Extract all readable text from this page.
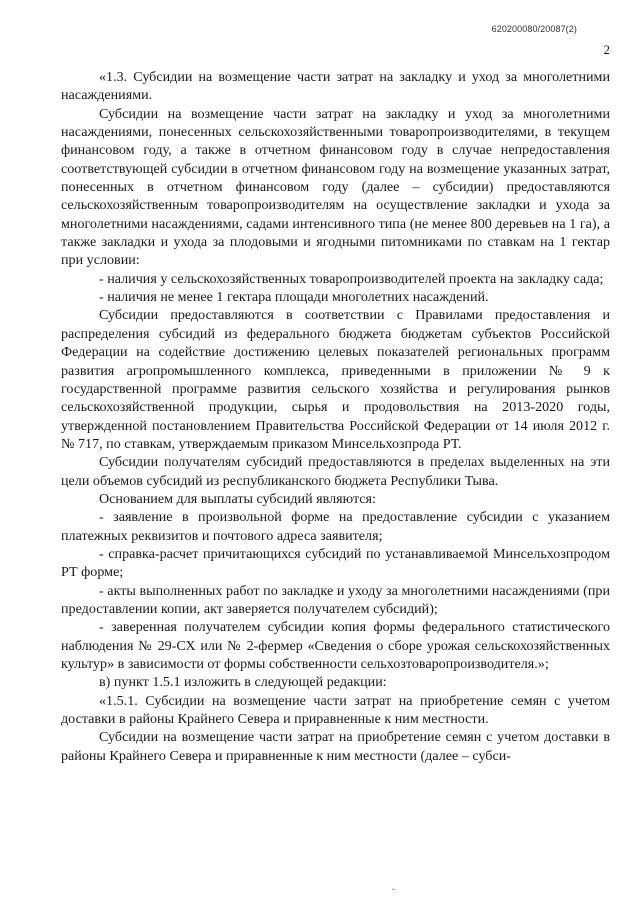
620200080/20087(2)
2

«1.3. Субсидии на возмещение части затрат на закладку и уход за многолетними насаждениями.

Субсидии на возмещение части затрат на закладку и уход за многолетними насаждениями, понесенных сельскохозяйственными товаропроизводителями, в текущем финансовом году, а также в отчетном финансовом году в случае непредоставления соответствующей субсидии в отчетном финансовом году на возмещение указанных затрат, понесенных в отчетном финансовом году (далее – субсидии) предоставляются сельскохозяйственным товаропроизводителям на осуществление закладки и ухода за многолетними насаждениями, садами интенсивного типа (не менее 800 деревьев на 1 га), а также закладки и ухода за плодовыми и ягодными питомниками по ставкам на 1 гектар при условии:

- наличия у сельскохозяйственных товаропроизводителей проекта на закладку сада;

- наличия не менее 1 гектара площади многолетних насаждений.

Субсидии предоставляются в соответствии с Правилами предоставления и распределения субсидий из федерального бюджета бюджетам субъектов Российской Федерации на содействие достижению целевых показателей региональных программ развития агропромышленного комплекса, приведенными в приложении № 9 к государственной программе развития сельского хозяйства и регулирования рынков сельскохозяйственной продукции, сырья и продовольствия на 2013-2020 годы, утвержденной постановлением Правительства Российской Федерации от 14 июля 2012 г. № 717, по ставкам, утверждаемым приказом Минсельхозпрода РТ.

Субсидии получателям субсидий предоставляются в пределах выделенных на эти цели объемов субсидий из республиканского бюджета Республики Тыва.

Основанием для выплаты субсидий являются:

- заявление в произвольной форме на предоставление субсидии с указанием платежных реквизитов и почтового адреса заявителя;

- справка-расчет причитающихся субсидий по устанавливаемой Минсельхозпродом РТ форме;

- акты выполненных работ по закладке и уходу за многолетними насаждениями (при предоставлении копии, акт заверяется получателем субсидий);

- заверенная получателем субсидии копия формы федерального статистического наблюдения № 29-СХ или № 2-фермер «Сведения о сборе урожая сельскохозяйственных культур» в зависимости от формы собственности сельхозтоваропроизводителя.»;

в) пункт 1.5.1 изложить в следующей редакции:

«1.5.1. Субсидии на возмещение части затрат на приобретение семян с учетом доставки в районы Крайнего Севера и приравненные к ним местности.

Субсидии на возмещение части затрат на приобретение семян с учетом доставки в районы Крайнего Севера и приравненные к ним местности (далее – субси-

ˇ
